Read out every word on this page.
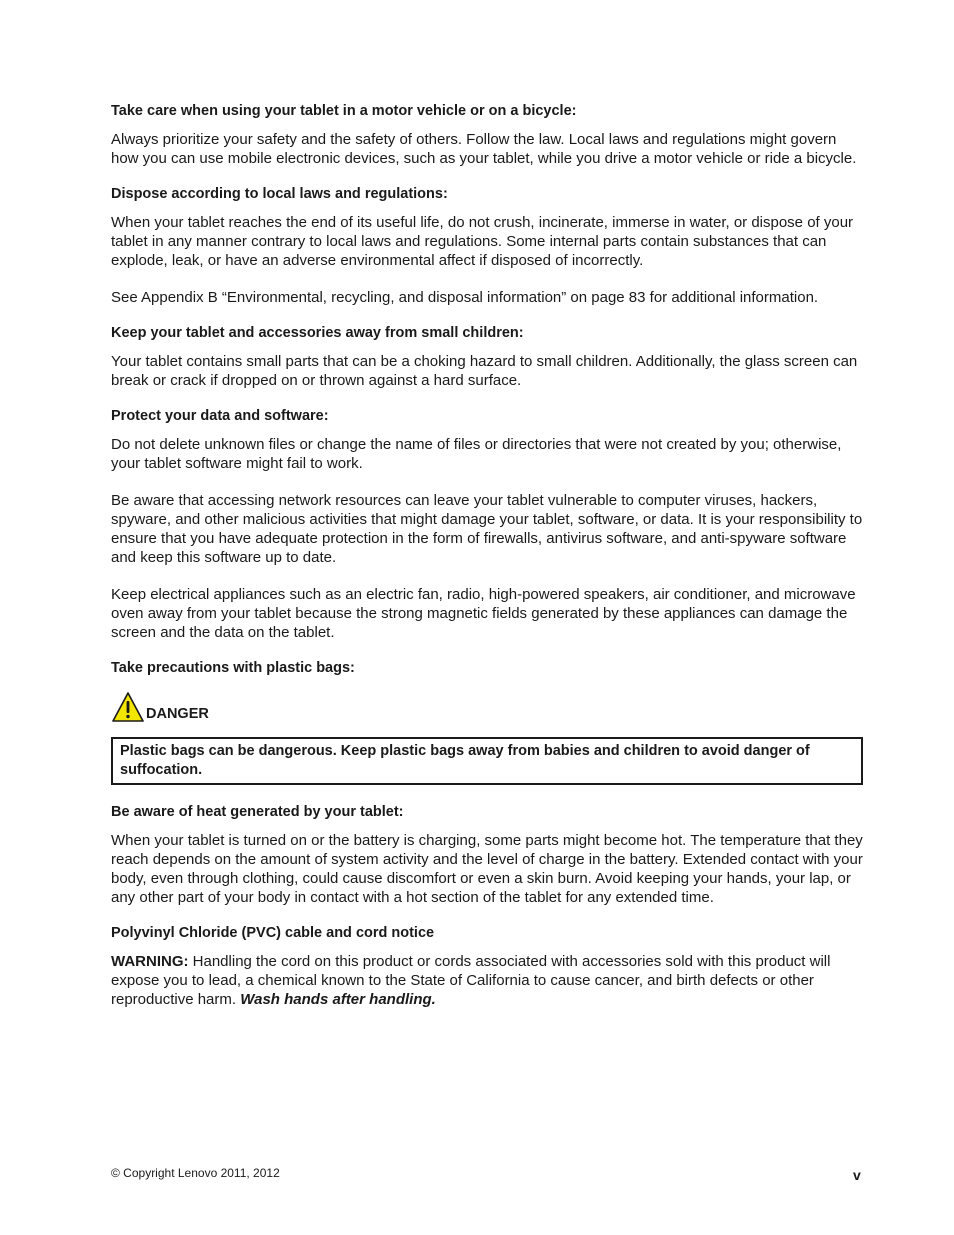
Take care when using your tablet in a motor vehicle or on a bicycle:

Always prioritize your safety and the safety of others. Follow the law. Local laws and regulations might govern how you can use mobile electronic devices, such as your tablet, while you drive a motor vehicle or ride a bicycle.

Dispose according to local laws and regulations:

When your tablet reaches the end of its useful life, do not crush, incinerate, immerse in water, or dispose of your tablet in any manner contrary to local laws and regulations. Some internal parts contain substances that can explode, leak, or have an adverse environmental affect if disposed of incorrectly.

See Appendix B “Environmental, recycling, and disposal information” on page 83 for additional information.

Keep your tablet and accessories away from small children:

Your tablet contains small parts that can be a choking hazard to small children. Additionally, the glass screen can break or crack if dropped on or thrown against a hard surface.

Protect your data and software:

Do not delete unknown files or change the name of files or directories that were not created by you; otherwise, your tablet software might fail to work.

Be aware that accessing network resources can leave your tablet vulnerable to computer viruses, hackers, spyware, and other malicious activities that might damage your tablet, software, or data. It is your responsibility to ensure that you have adequate protection in the form of firewalls, antivirus software, and anti-spyware software and keep this software up to date.

Keep electrical appliances such as an electric fan, radio, high-powered speakers, air conditioner, and microwave oven away from your tablet because the strong magnetic fields generated by these appliances can damage the screen and the data on the tablet.

Take precautions with plastic bags:
DANGER
Plastic bags can be dangerous. Keep plastic bags away from babies and children to avoid danger of suffocation.
Be aware of heat generated by your tablet:

When your tablet is turned on or the battery is charging, some parts might become hot. The temperature that they reach depends on the amount of system activity and the level of charge in the battery. Extended contact with your body, even through clothing, could cause discomfort or even a skin burn. Avoid keeping your hands, your lap, or any other part of your body in contact with a hot section of the tablet for any extended time.

Polyvinyl Chloride (PVC) cable and cord notice

WARNING: Handling the cord on this product or cords associated with accessories sold with this product will expose you to lead, a chemical known to the State of California to cause cancer, and birth defects or other reproductive harm. Wash hands after handling.

© Copyright Lenovo 2011, 2012	v
